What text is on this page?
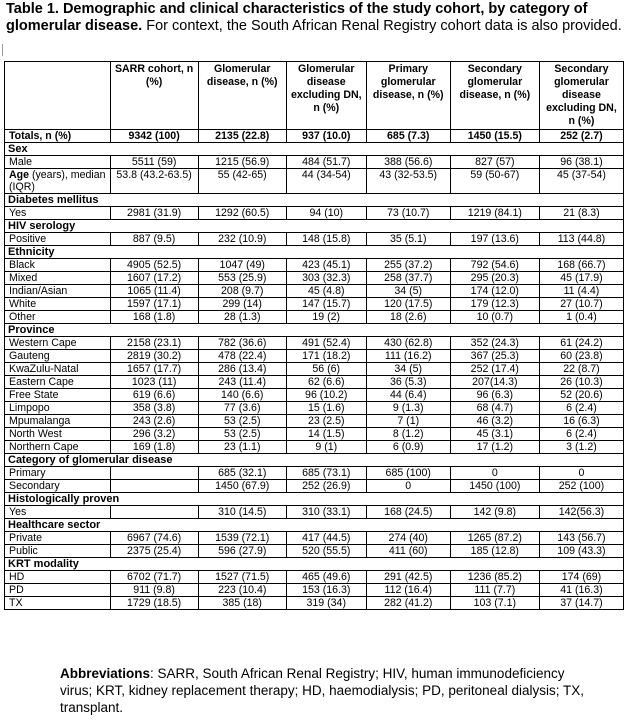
Table 1. Demographic and clinical characteristics of the study cohort, by category of glomerular disease. For context, the South African Renal Registry cohort data is also provided.
	SARR cohort, n (%)	Glomerular disease, n (%)	Glomerular disease excluding DN, n (%)	Primary glomerular disease, n (%)	Secondary glomerular disease, n (%)	Secondary glomerular disease excluding DN, n (%)
Totals, n (%)	9342 (100)	2135 (22.8)	937 (10.0)	685 (7.3)	1450 (15.5)	252 (2.7)
Sex						
Male	5511 (59)	1215 (56.9)	484 (51.7)	388 (56.6)	827 (57)	96 (38.1)
Age (years), median (IQR)	53.8 (43.2-63.5)	55 (42-65)	44 (34-54)	43 (32-53.5)	59 (50-67)	45 (37-54)
Diabetes mellitus						
Yes	2981 (31.9)	1292 (60.5)	94 (10)	73 (10.7)	1219 (84.1)	21 (8.3)
HIV serology						
Positive	887 (9.5)	232 (10.9)	148 (15.8)	35 (5.1)	197 (13.6)	113 (44.8)
Ethnicity						
Black	4905 (52.5)	1047 (49)	423 (45.1)	255 (37.2)	792 (54.6)	168 (66.7)
Mixed	1607 (17.2)	553 (25.9)	303 (32.3)	258 (37.7)	295 (20.3)	45 (17.9)
Indian/Asian	1065 (11.4)	208 (9.7)	45 (4.8)	34 (5)	174 (12.0)	11 (4.4)
White	1597 (17.1)	299 (14)	147 (15.7)	120 (17.5)	179 (12.3)	27 (10.7)
Other	168 (1.8)	28 (1.3)	19 (2)	18 (2.6)	10 (0.7)	1 (0.4)
Province						
Western Cape	2158 (23.1)	782 (36.6)	491 (52.4)	430 (62.8)	352 (24.3)	61 (24.2)
Gauteng	2819 (30.2)	478 (22.4)	171 (18.2)	111 (16.2)	367 (25.3)	60 (23.8)
KwaZulu-Natal	1657 (17.7)	286 (13.4)	56 (6)	34 (5)	252 (17.4)	22 (8.7)
Eastern Cape	1023 (11)	243 (11.4)	62 (6.6)	36 (5.3)	207(14.3)	26 (10.3)
Free State	619 (6.6)	140 (6.6)	96 (10.2)	44 (6.4)	96 (6.3)	52 (20.6)
Limpopo	358 (3.8)	77 (3.6)	15 (1.6)	9 (1.3)	68 (4.7)	6 (2.4)
Mpumalanga	243 (2.6)	53 (2.5)	23 (2.5)	7 (1)	46 (3.2)	16 (6.3)
North West	296 (3.2)	53 (2.5)	14 (1.5)	8 (1.2)	45 (3.1)	6 (2.4)
Northern Cape	169 (1.8)	23 (1.1)	9 (1)	6 (0.9)	17 (1.2)	3 (1.2)
Category of glomerular disease						
Primary		685 (32.1)	685 (73.1)	685 (100)	0	0
Secondary		1450 (67.9)	252 (26.9)	0	1450 (100)	252 (100)
Histologically proven						
Yes		310 (14.5)	310 (33.1)	168 (24.5)	142 (9.8)	142(56.3)
Healthcare sector						
Private	6967 (74.6)	1539 (72.1)	417 (44.5)	274 (40)	1265 (87.2)	143 (56.7)
Public	2375 (25.4)	596 (27.9)	520 (55.5)	411 (60)	185 (12.8)	109 (43.3)
KRT modality						
HD	6702 (71.7)	1527 (71.5)	465 (49.6)	291 (42.5)	1236 (85.2)	174 (69)
PD	911 (9.8)	223 (10.4)	153 (16.3)	112 (16.4)	111 (7.7)	41 (16.3)
TX	1729 (18.5)	385 (18)	319 (34)	282 (41.2)	103 (7.1)	37 (14.7)
Abbreviations: SARR, South African Renal Registry; HIV, human immunodeficiency virus; KRT, kidney replacement therapy; HD, haemodialysis; PD, peritoneal dialysis; TX, transplant.
